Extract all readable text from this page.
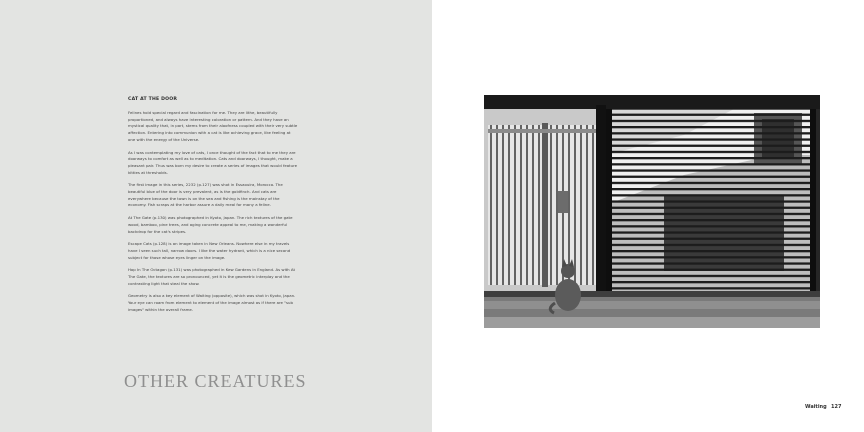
CAT AT THE DOOR

Felines hold special regard and fascination for me. They are lithe, beautifully proportioned, and always have interesting coloration or pattern. And they have an mystical quality that, in part, stems from their aloofness coupled with their very subtle affection. Entering into communion with a cat is like achieving grace, like feeling at one with the energy of the Universe.

As I was contemplating my love of cats, I once thought of the fact that to me they are doorways to comfort as well as to meditation. Cats and doorways, I thought, make a pleasant pair. Thus was born my desire to create a series of images that would feature kitties at thresholds.

The first image in this series, 2232 (p.127) was shot in Essaouira, Morocco. The beautiful blue of the door is very prevalent, as is the goldfinch. And cats are everywhere because the town is on the sea and fishing is the mainstay of the economy. Fish scraps at the harbor assure a daily meal for many a feline.

At The Gate (p.130) was photographed in Kyoto, Japan. The rich textures of the gate wood, bamboo, pine trees, and aging concrete appeal to me, making a wonderful backdrop for the cat's stripes.

Escape Cats (p.128) is an image taken in New Orleans. Nowhere else in my travels have I seen such tall, narrow doors. I like the water hydrant, which is a nice second subject for those whose eyes linger on the image.

Hop In The Octagon (p.131) was photographed in Kew Gardens in England. As with At The Gate, the textures are so pronounced, yet it is the geometric interplay and the contrasting light that steal the show.

Geometry is also a key element of Waiting (opposite), which was shot in Kyoto, Japan. Your eye can roam from element to element of the image almost as if there are "sub images" within the overall frame.

OTHER CREATURES
Waiting 127
